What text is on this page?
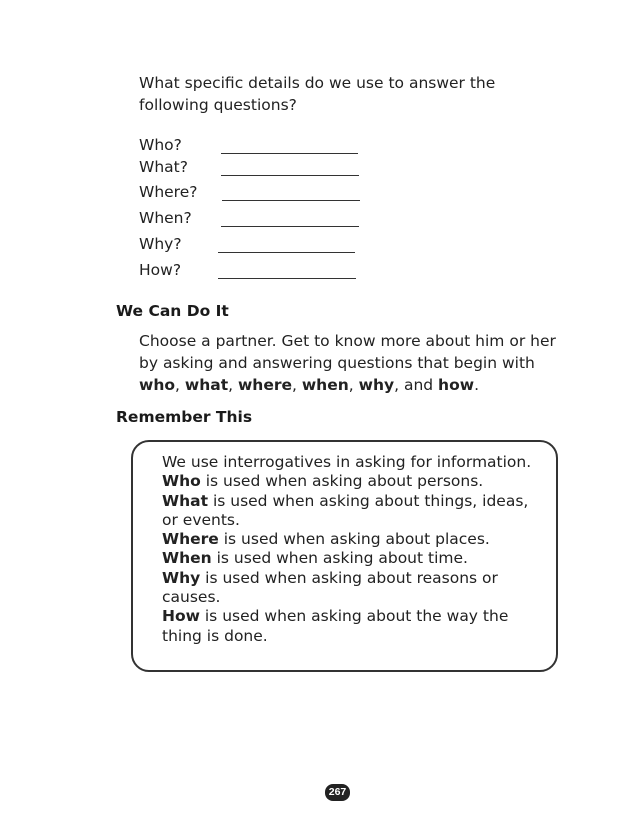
What specific details do we use to answer the following questions?
Who?
What?
Where?
When?
Why?
How?
We Can Do It
Choose a partner. Get to know more about him or her by asking and answering questions that begin with who, what, where, when, why, and how.
Remember This
We use interrogatives in asking for information.
Who is used when asking about persons.
What is used when asking about things, ideas,
or events.
Where is used when asking about places.
When is used when asking about time.
Why is used when asking about reasons or
causes.
How is used when asking about the way the
thing is done.
267
